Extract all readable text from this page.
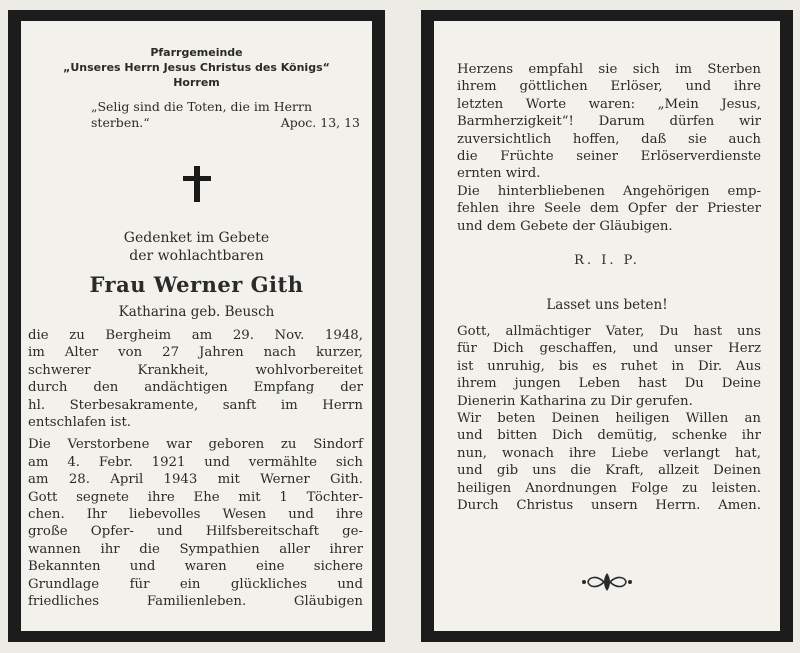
Pfarrgemeinde
„Unseres Herrn Jesus Christus des Königs“
Horrem
„Selig sind die Toten, die im Herrn
sterben.“	Apoc. 13, 13
Gedenket im Gebete
der wohlachtbaren
Frau Werner Gith
Katharina geb. Beusch
die zu Bergheim am 29. Nov. 1948,
im Alter von 27 Jahren nach kurzer,
schwerer	Krankheit,	wohlvorbereitet
durch den andächtigen Empfang der
hl. Sterbesakramente, sanft im Herrn
entschlafen ist.
Die Verstorbene war geboren zu Sindorf
am 4. Febr. 1921 und vermählte sich
am 28. April 1943 mit Werner Gith.
Gott segnete ihre Ehe mit 1 Töchter-
chen. Ihr liebevolles Wesen und ihre
große Opfer- und Hilfsbereitschaft ge-
wannen ihr die Sympathien aller ihrer
Bekannten und waren eine sichere
Grundlage für ein glückliches und
friedliches	Familienleben.	Gläubigen
Herzens empfahl sie sich im Sterben
ihrem göttlichen Erlöser, und ihre
letzten Worte waren: „Mein Jesus,
Barmherzigkeit“! Darum dürfen wir
zuversichtlich hoffen, daß sie auch
die Früchte seiner Erlöserverdienste
ernten wird.
Die hinterbliebenen Angehörigen emp-
fehlen ihre Seele dem Opfer der Priester
und dem Gebete der Gläubigen.
R. I. P.
Lasset uns beten!
Gott, allmächtiger Vater, Du hast uns
für Dich geschaffen, und unser Herz
ist unruhig, bis es ruhet in Dir. Aus
ihrem jungen Leben hast Du Deine
Dienerin Katharina zu Dir gerufen.
Wir beten Deinen heiligen Willen an
und bitten Dich demütig, schenke ihr
nun, wonach ihre Liebe verlangt hat,
und gib uns die Kraft, allzeit Deinen
heiligen Anordnungen Folge zu leisten.
Durch Christus unsern Herrn. Amen.
